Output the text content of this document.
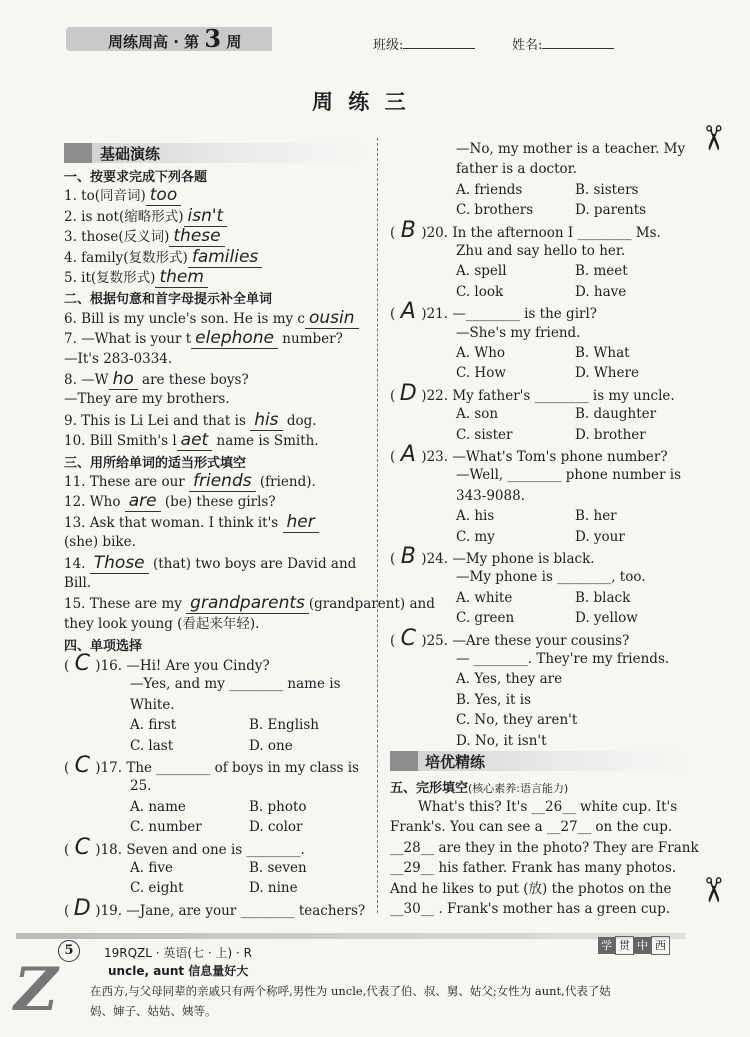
周练周高 · 第 3 周	班级:	姓名:
周 练 三
基础演练
一、按要求完成下列各题
1. to(同音词) too
2. is not(缩略形式) isn't
3. those(反义词) these
4. family(复数形式) families
5. it(复数形式) them
二、根据句意和首字母提示补全单词
6. Bill is my uncle's son. He is my c ousin
7. —What is your t elephone number?
—It's 283-0334.
8. —W ho are these boys?
—They are my brothers.
9. This is Li Lei and that is his dog.
10. Bill Smith's l aet name is Smith.
三、用所给单词的适当形式填空
11. These are our friends (friend).
12. Who are (be) these girls?
13. Ask that woman. I think it's her
(she) bike.
14. Those (that) two boys are David and
Bill.
15. These are my grandparents (grandparent) and
they look young (看起来年轻).
四、单项选择
( C )16. —Hi! Are you Cindy?
—Yes, and my ________ name is
White.
A. first	B. English
C. last	D. one
( C )17. The ________ of boys in my class is
25.
A. name	B. photo
C. number	D. color
( C )18. Seven and one is ________.
A. five	B. seven
C. eight	D. nine
( D )19. —Jane, are your ________ teachers?
—No, my mother is a teacher. My
father is a doctor.
A. friends	B. sisters
C. brothers	D. parents
( B )20. In the afternoon I ________ Ms.
Zhu and say hello to her.
A. spell	B. meet
C. look	D. have
( A )21. —________ is the girl?
—She's my friend.
A. Who	B. What
C. How	D. Where
( D )22. My father's ________ is my uncle.
A. son	B. daughter
C. sister	D. brother
( A )23. —What's Tom's phone number?
—Well, ________ phone number is
343-9088.
A. his	B. her
C. my	D. your
( B )24. —My phone is black.
—My phone is ________, too.
A. white	B. black
C. green	D. yellow
( C )25. —Are these your cousins?
— ________. They're my friends.
A. Yes, they are
B. Yes, it is
C. No, they aren't
D. No, it isn't
培优精练
五、完形填空(核心素养:语言能力)
What's this? It's __26__ white cup. It's
Frank's. You can see a __27__ on the cup.
__28__ are they in the photo? They are Frank
__29__ his father. Frank has many photos.
And he likes to put (放) the photos on the
__30__ . Frank's mother has a green cup.
✂
✂
5	19RQZL · 英语(七 · 上) · R
学 贯 中 西
Z	uncle, aunt 信息量好大
在西方,与父母同辈的亲戚只有两个称呼,男性为 uncle,代表了伯、叔、舅、姑父;女性为 aunt,代表了姑
妈、婶子、姑姑、姨等。
